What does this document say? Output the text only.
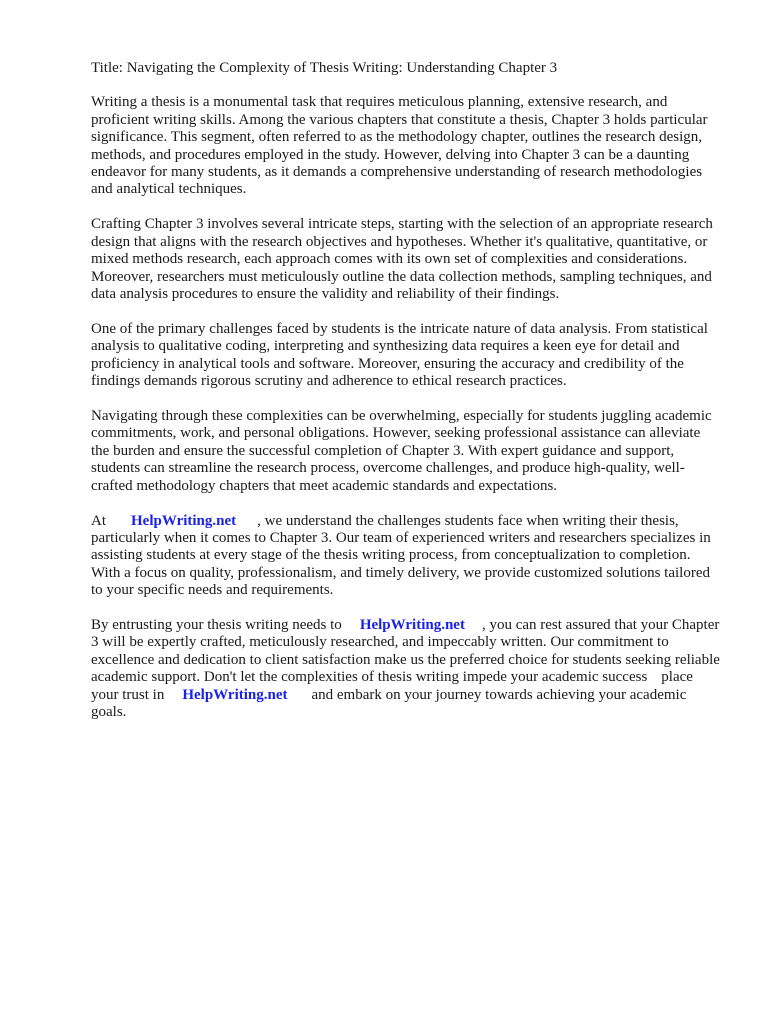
Title: Navigating the Complexity of Thesis Writing: Understanding Chapter 3

Writing a thesis is a monumental task that requires meticulous planning, extensive research, and proficient writing skills. Among the various chapters that constitute a thesis, Chapter 3 holds particular significance. This segment, often referred to as the methodology chapter, outlines the research design, methods, and procedures employed in the study. However, delving into Chapter 3 can be a daunting endeavor for many students, as it demands a comprehensive understanding of research methodologies and analytical techniques.

Crafting Chapter 3 involves several intricate steps, starting with the selection of an appropriate research design that aligns with the research objectives and hypotheses. Whether it's qualitative, quantitative, or mixed methods research, each approach comes with its own set of complexities and considerations. Moreover, researchers must meticulously outline the data collection methods, sampling techniques, and data analysis procedures to ensure the validity and reliability of their findings.

One of the primary challenges faced by students is the intricate nature of data analysis. From statistical analysis to qualitative coding, interpreting and synthesizing data requires a keen eye for detail and proficiency in analytical tools and software. Moreover, ensuring the accuracy and credibility of the findings demands rigorous scrutiny and adherence to ethical research practices.

Navigating through these complexities can be overwhelming, especially for students juggling academic commitments, work, and personal obligations. However, seeking professional assistance can alleviate the burden and ensure the successful completion of Chapter 3. With expert guidance and support, students can streamline the research process, overcome challenges, and produce high-quality, well-crafted methodology chapters that meet academic standards and expectations.

At HelpWriting.net , we understand the challenges students face when writing their thesis, particularly when it comes to Chapter 3. Our team of experienced writers and researchers specializes in assisting students at every stage of the thesis writing process, from conceptualization to completion. With a focus on quality, professionalism, and timely delivery, we provide customized solutions tailored to your specific needs and requirements.

By entrusting your thesis writing needs to HelpWriting.net , you can rest assured that your Chapter 3 will be expertly crafted, meticulously researched, and impeccably written. Our commitment to excellence and dedication to client satisfaction make us the preferred choice for students seeking reliable academic support. Don't let the complexities of thesis writing impede your academic success place your trust in HelpWriting.net and embark on your journey towards achieving your academic goals.
